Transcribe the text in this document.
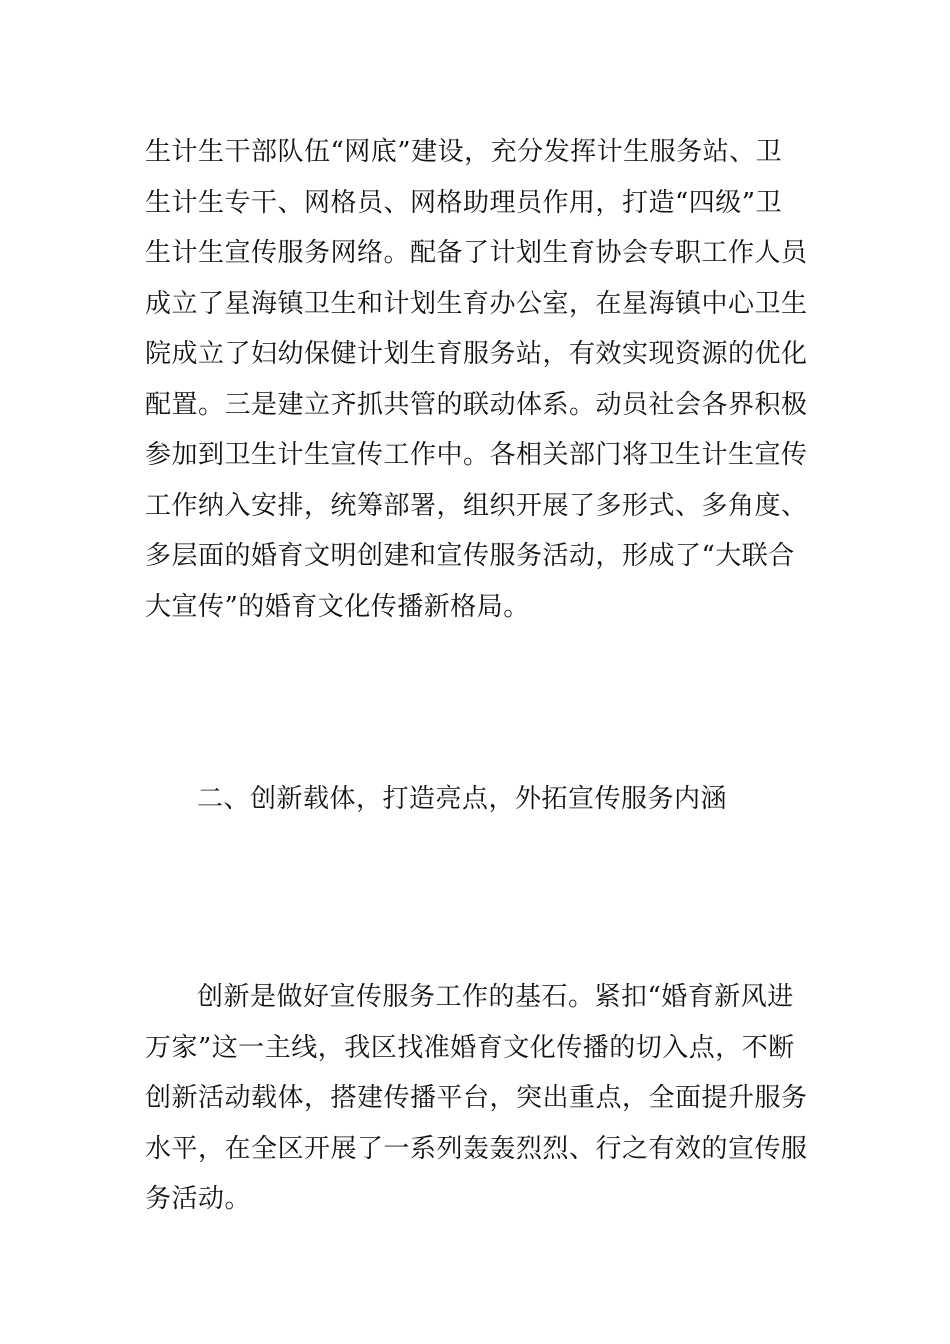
生计生干部队伍“网底”建设，充分发挥计生服务站、卫
生计生专干、网格员、网格助理员作用，打造“四级”卫
生计生宣传服务网络。配备了计划生育协会专职工作人员
成立了星海镇卫生和计划生育办公室，在星海镇中心卫生
院成立了妇幼保健计划生育服务站，有效实现资源的优化
配置。三是建立齐抓共管的联动体系。动员社会各界积极
参加到卫生计生宣传工作中。各相关部门将卫生计生宣传
工作纳入安排，统筹部署，组织开展了多形式、多角度、
多层面的婚育文明创建和宣传服务活动，形成了“大联合
大宣传”的婚育文化传播新格局。
二、创新载体，打造亮点，外拓宣传服务内涵
创新是做好宣传服务工作的基石。紧扣“婚育新风进
万家”这一主线，我区找准婚育文化传播的切入点，不断
创新活动载体，搭建传播平台，突出重点，全面提升服务
水平，在全区开展了一系列轰轰烈烈、行之有效的宣传服
务活动。
